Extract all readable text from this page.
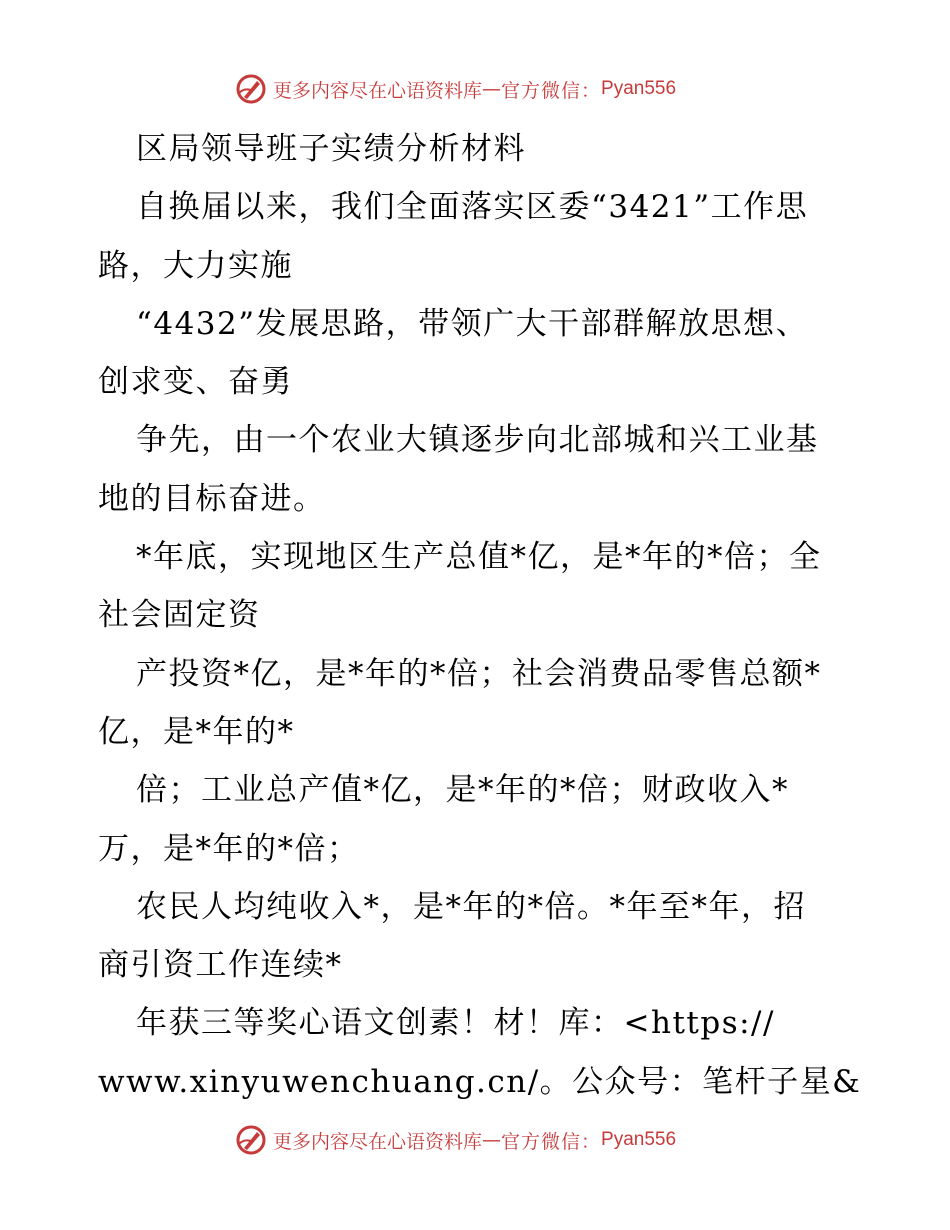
更多内容尽在心语资料库 — 官方微信： Pyan556

区局领导班子实绩分析材料

自换届以来，我们全面落实区委“3421”工作思

路，大力实施

“4432”发展思路，带领广大干部群解放思想、

创求变、奋勇

争先，由一个农业大镇逐步向北部城和兴工业基

地的目标奋进。

*年底，实现地区生产总值*亿，是*年的*倍；全

社会固定资

产投资*亿，是*年的*倍；社会消费品零售总额*

亿，是*年的*

倍；工业总产值*亿，是*年的*倍；财政收入*

万，是*年的*倍；

农民人均纯收入*，是*年的*倍。*年至*年，招

商引资工作连续*

年获三等奖心语文创素！材！库：<https://

www.xinyuwenchuang.cn/。公众号：笔杆子星&

更多内容尽在心语资料库 — 官方微信： Pyan556
